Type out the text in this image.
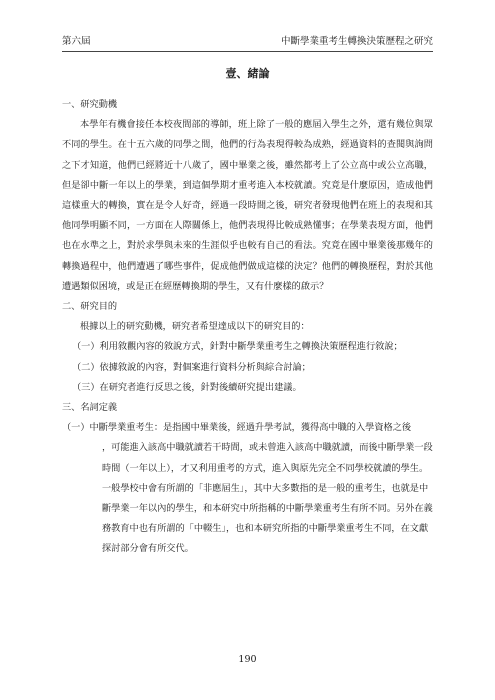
第六屆	中斷學業重考生轉換決策歷程之研究
壹、緒論

一、研究動機

本學年有機會接任本校夜間部的導師，班上除了一般的應屆入學生之外，還有幾位與眾不同的學生。在十五六歲的同學之間，他們的行為表現得較為成熟，經過資料的查閱與詢問之下才知道，他們已經將近十八歲了，國中畢業之後，雖然都考上了公立高中或公立高職，但是卻中斷一年以上的學業，到這個學期才重考進入本校就讀。究竟是什麼原因，造成他們這樣重大的轉換，實在是令人好奇，經過一段時間之後，研究者發現他們在班上的表現和其他同學明顯不同，一方面在人際關係上，他們表現得比較成熟懂事；在學業表現方面，他們也在水準之上，對於求學與未來的生涯似乎也較有自己的看法。究竟在國中畢業後那幾年的轉換過程中，他們遭遇了哪些事件，促成他們做成這樣的決定？他們的轉換歷程，對於其他遭遇類似困境，或是正在經歷轉換期的學生，又有什麼樣的啟示？

二、研究目的

根據以上的研究動機，研究者希望達成以下的研究目的：

（一）利用敘觀內容的敘說方式，針對中斷學業重考生之轉換決策歷程進行敘說；

（二）依據敘說的內容，對個案進行資料分析與綜合討論；

（三）在研究者進行反思之後，針對後續研究提出建議。

三、名詞定義

（一）中斷學業重考生：是指國中畢業後，經過升學考試，獲得高中職的入學資格之後

，可能進入該高中職就讀若干時間，或未曾進入該高中職就讀，而後中斷學業一段時間（一年以上），才又利用重考的方式，進入與原先完全不同學校就讀的學生。一般學校中會有所謂的「非應屆生」，其中大多數指的是一般的重考生，也就是中斷學業一年以內的學生，和本研究中所指稱的中斷學業重考生有所不同。另外在義務教育中也有所謂的「中輟生」，也和本研究所指的中斷學業重考生不同，在文獻探討部分會有所交代。

190
